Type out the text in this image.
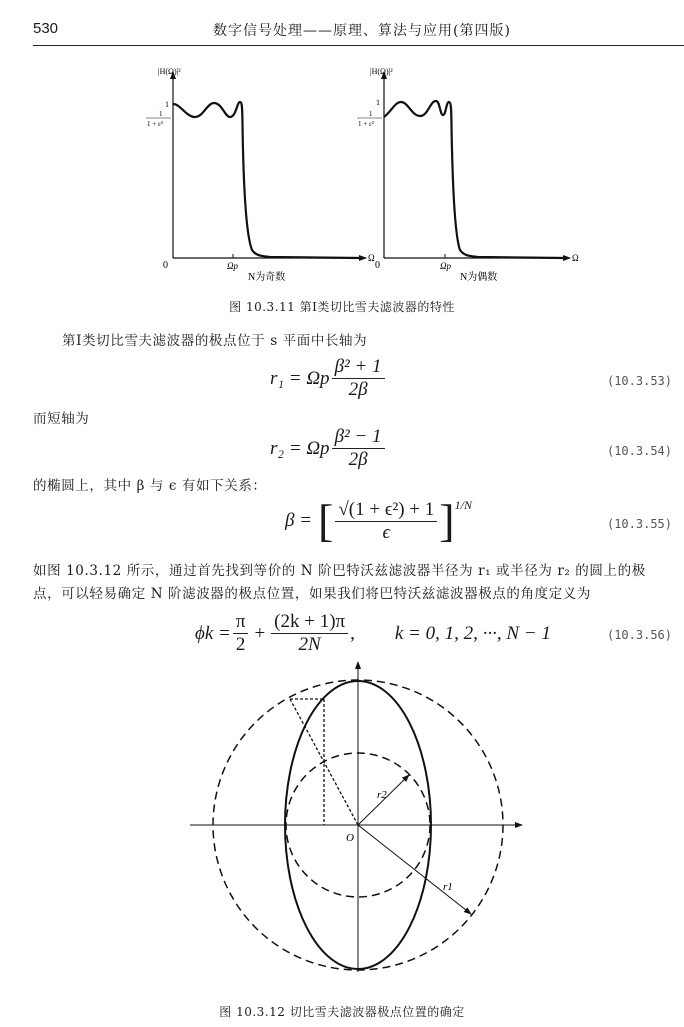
530	数字信号处理——原理、算法与应用(第四版)
|H(Ω)|²
1
1
1 + ε²
0	Ωp
Ω
N为奇数
|H(Ω)|²
1
1
1 + ε²
0	Ωp
Ω
N为偶数
图 10.3.11 第Ⅰ类切比雪夫滤波器的特性
第Ⅰ类切比雪夫滤波器的极点位于 s 平面中长轴为
r₁ = Ωp $\frac{\text{β² + 1}}{2\beta}$	(10.3.53)
而短轴为
r₂ = Ωp $\frac{\text{β² − 1}}{2\beta}$	(10.3.54)
的椭圆上，其中 β 与 ϵ 有如下关系：
β = [ $\frac{\text{√(1 + ϵ²) + 1}}{\epsilon}$ ] 1/N
(10.3.55)
如图 10.3.12 所示，通过首先找到等价的 N 阶巴特沃兹滤波器半径为 r₁ 或半径为 r₂ 的圆上的极
点，可以轻易确定 N 阶滤波器的极点位置，如果我们将巴特沃兹滤波器极点的角度定义为
$\phi k = \frac{\pi}{2} + \frac{(2k + 1)\pi}{2N}$ , k = 0, 1, 2, ···, N − 1	(10.3.56)
O
r2
r1
图 10.3.12 切比雪夫滤波器极点位置的确定
